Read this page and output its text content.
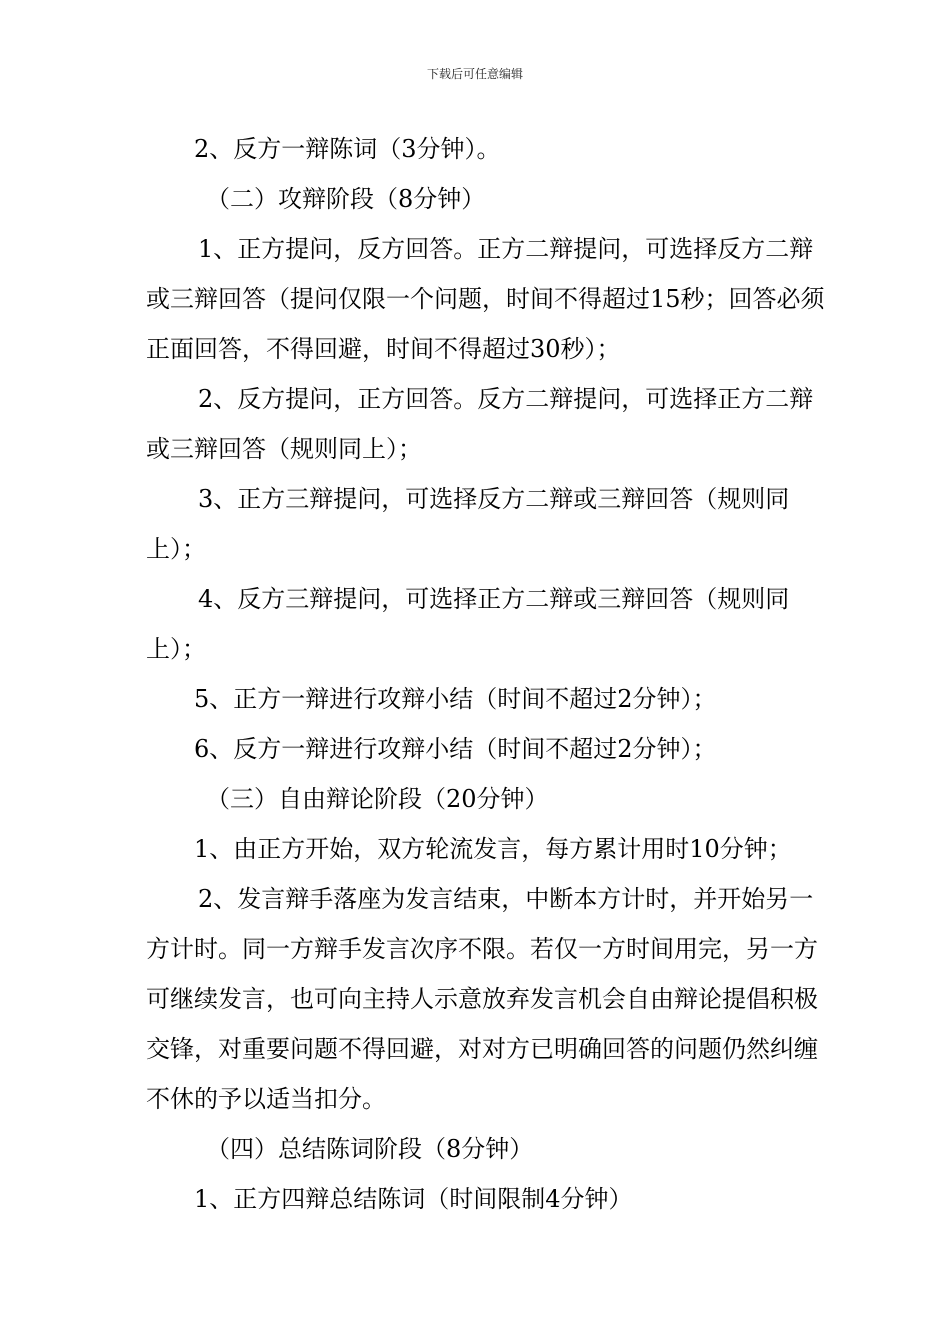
下载后可任意编辑

2、反方一辩陈词（3分钟）。

（二）攻辩阶段（8分钟）

1、正方提问，反方回答。正方二辩提问，可选择反方二辩或三辩回答（提问仅限一个问题，时间不得超过15秒；回答必须正面回答，不得回避，时间不得超过30秒）；

2、反方提问，正方回答。反方二辩提问，可选择正方二辩或三辩回答（规则同上）；

3、正方三辩提问，可选择反方二辩或三辩回答（规则同上）；

4、反方三辩提问，可选择正方二辩或三辩回答（规则同上）；

5、正方一辩进行攻辩小结（时间不超过2分钟）；

6、反方一辩进行攻辩小结（时间不超过2分钟）；

（三）自由辩论阶段（20分钟）

1、由正方开始，双方轮流发言，每方累计用时10分钟；

2、发言辩手落座为发言结束，中断本方计时，并开始另一方计时。同一方辩手发言次序不限。若仅一方时间用完，另一方可继续发言，也可向主持人示意放弃发言机会自由辩论提倡积极交锋，对重要问题不得回避，对对方已明确回答的问题仍然纠缠不休的予以适当扣分。

（四）总结陈词阶段（8分钟）

1、正方四辩总结陈词（时间限制4分钟）
